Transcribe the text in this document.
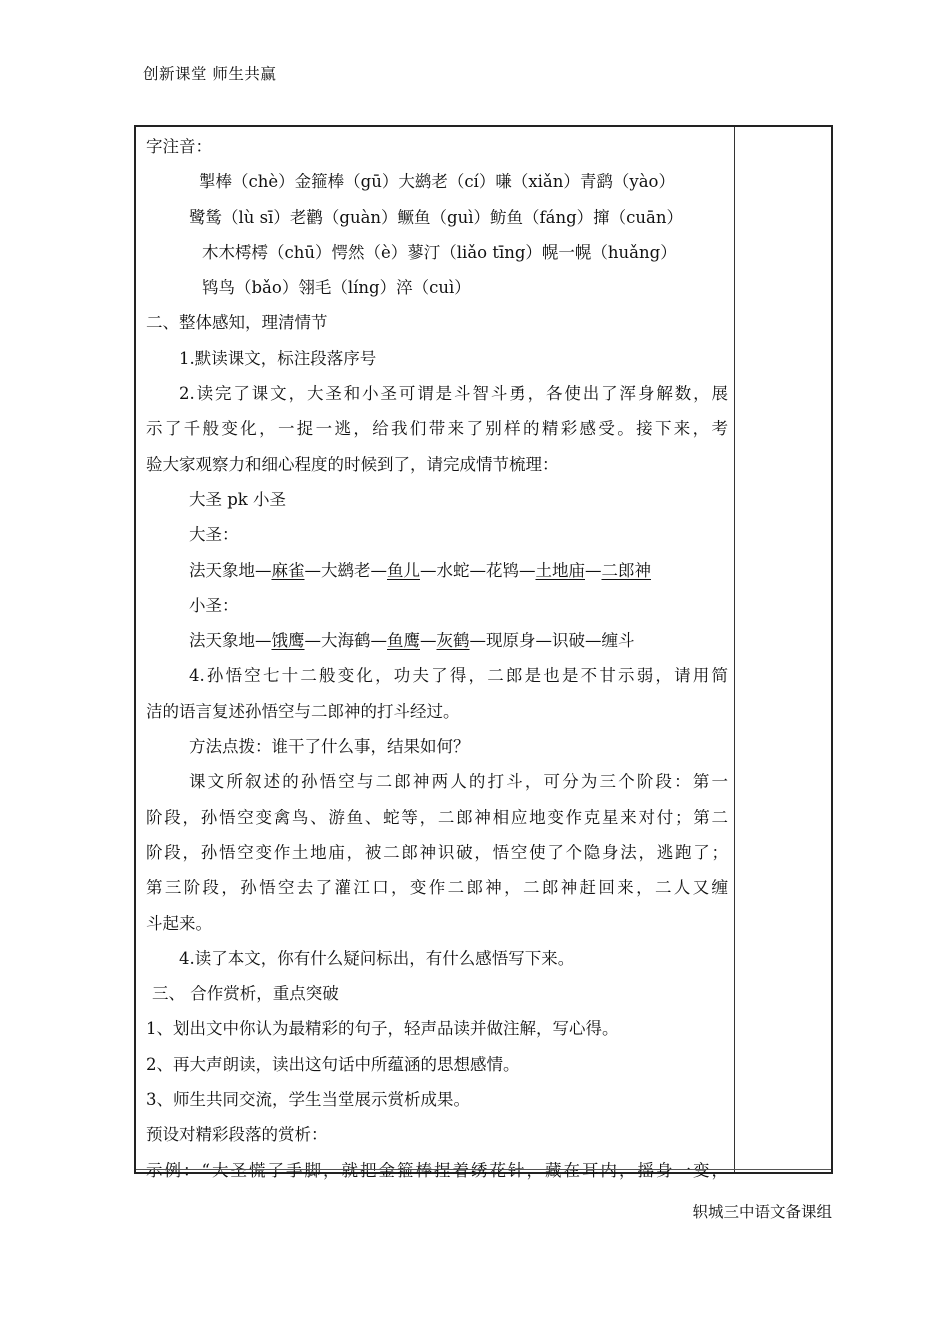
创新课堂 师生共赢
字注音：
掣棒（chè）金箍棒（gū）大鹚老（cí）嗛（xiǎn）青鹞（yào）
鹭鸶（lù sī）老鹳（guàn）鳜鱼（guì）鲂鱼（fáng）撺（cuān）
木木樗樗（chū）愕然（è）蓼汀（liǎo tīng）幌一幌（huǎng）
鸨鸟（bǎo）翎毛（líng）淬（cuì）
二、整体感知，理清情节
1.默读课文，标注段落序号
2.读完了课文，大圣和小圣可谓是斗智斗勇，各使出了浑身解数，展
示了千般变化，一捉一逃，给我们带来了别样的精彩感受。接下来，考
验大家观察力和细心程度的时候到了，请完成情节梳理：
大圣 pk 小圣
大圣：
法天象地—麻雀—大鹚老—鱼儿—水蛇—花鸨—土地庙—二郎神
小圣：
法天象地—饿鹰—大海鹤—鱼鹰—灰鹤—现原身—识破—缠斗
4.孙悟空七十二般变化，功夫了得，二郎是也是不甘示弱，请用简
洁的语言复述孙悟空与二郎神的打斗经过。
方法点拨：谁干了什么事，结果如何？
课文所叙述的孙悟空与二郎神两人的打斗，可分为三个阶段：第一
阶段，孙悟空变禽鸟、游鱼、蛇等，二郎神相应地变作克星来对付；第二
阶段，孙悟空变作土地庙，被二郎神识破，悟空使了个隐身法，逃跑了；
第三阶段，孙悟空去了灌江口，变作二郎神，二郎神赶回来，二人又缠
斗起来。
4.读了本文，你有什么疑问标出，有什么感悟写下来。
三、 合作赏析，重点突破
1、划出文中你认为最精彩的句子，轻声品读并做注解，写心得。
2、再大声朗读，读出这句话中所蕴涵的思想感情。
3、师生共同交流，学生当堂展示赏析成果。
预设对精彩段落的赏析：
示例：“大圣慌了手脚，就把金箍棒捏着绣花针，藏在耳内，摇身一变，
轵城三中语文备课组
